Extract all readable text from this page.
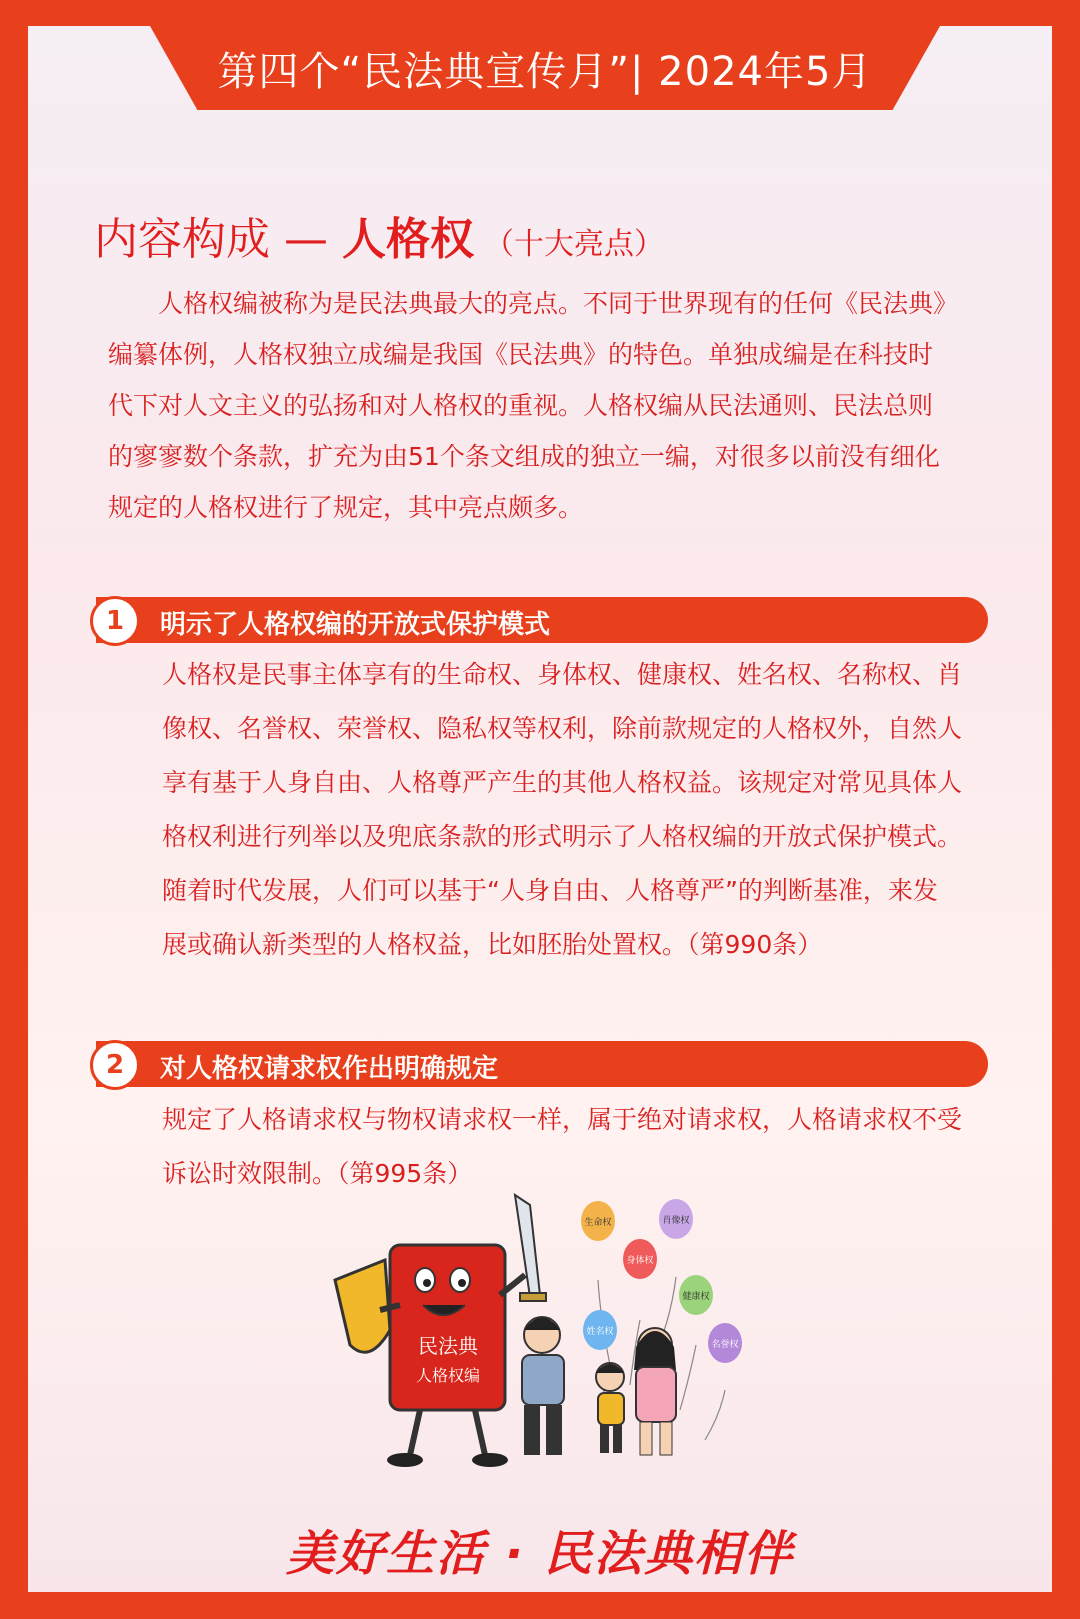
第四个“民法典宣传月”| 2024年5月
内容构成 — 人格权 （十大亮点）

人格权编被称为是民法典最大的亮点。不同于世界现有的任何《民法典》编纂体例，人格权独立成编是我国《民法典》的特色。单独成编是在科技时代下对人文主义的弘扬和对人格权的重视。人格权编从民法通则、民法总则的寥寥数个条款，扩充为由51个条文组成的独立一编，对很多以前没有细化规定的人格权进行了规定，其中亮点颇多。

1	明示了人格权编的开放式保护模式

人格权是民事主体享有的生命权、身体权、健康权、姓名权、名称权、肖像权、名誉权、荣誉权、隐私权等权利，除前款规定的人格权外，自然人享有基于人身自由、人格尊严产生的其他人格权益。该规定对常见具体人格权利进行列举以及兜底条款的形式明示了人格权编的开放式保护模式。随着时代发展，人们可以基于“人身自由、人格尊严”的判断基准，来发展或确认新类型的人格权益，比如胚胎处置权。（第990条）

2	对人格权请求权作出明确规定

规定了人格请求权与物权请求权一样，属于绝对请求权，人格请求权不受诉讼时效限制。（第995条）

生命权	肖像权
身体权
健康权
姓名权
名誉权
民法典
人格权编
美好生活 · 民法典相伴
